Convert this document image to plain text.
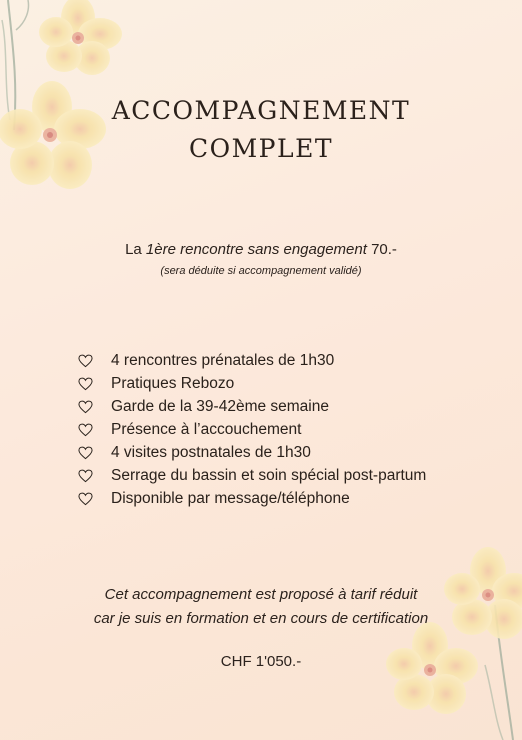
ACCOMPAGNEMENT
COMPLET
La 1ère rencontre sans engagement 70.-
(sera déduite si accompagnement validé)
4 rencontres prénatales de 1h30
Pratiques Rebozo
Garde de la 39-42ème semaine
Présence à l’accouchement
4 visites postnatales de 1h30
Serrage du bassin et soin spécial post-partum
Disponible par message/téléphone
Cet accompagnement est proposé à tarif réduit
car je suis en formation et en cours de certification
CHF 1'050.-
